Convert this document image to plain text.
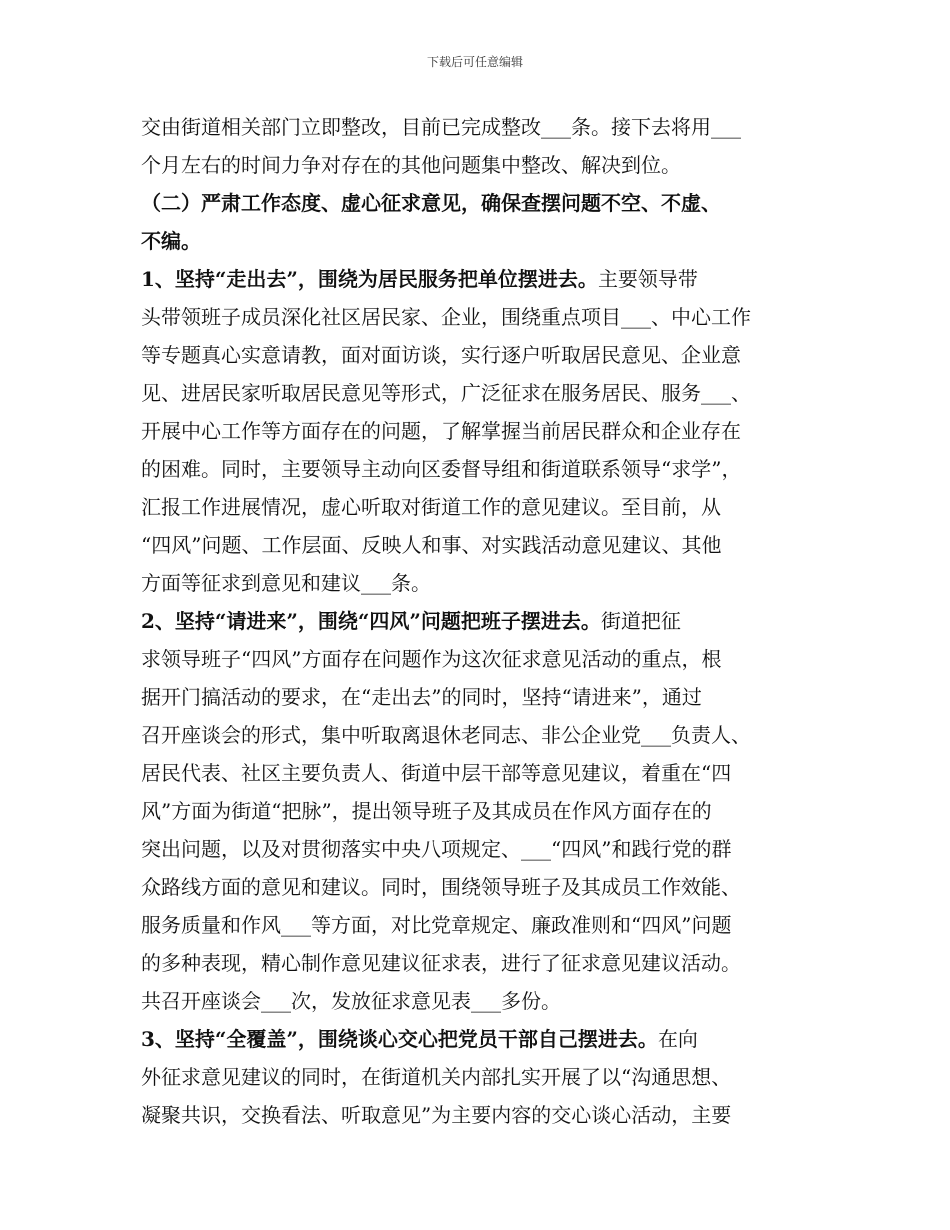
下载后可任意编辑
交由街道相关部门立即整改，目前已完成整改___条。接下去将用___
个月左右的时间力争对存在的其他问题集中整改、解决到位。
（二）严肃工作态度、虚心征求意见，确保查摆问题不空、不虚、
不编。
1、坚持“走出去”，围绕为居民服务把单位摆进去。主要领导带
头带领班子成员深化社区居民家、企业，围绕重点项目___、中心工作
等专题真心实意请教，面对面访谈，实行逐户听取居民意见、企业意
见、进居民家听取居民意见等形式，广泛征求在服务居民、服务___、
开展中心工作等方面存在的问题，了解掌握当前居民群众和企业存在
的困难。同时，主要领导主动向区委督导组和街道联系领导“求学”，
汇报工作进展情况，虚心听取对街道工作的意见建议。至目前，从
“四风”问题、工作层面、反映人和事、对实践活动意见建议、其他
方面等征求到意见和建议___条。
2、坚持“请进来”，围绕“四风”问题把班子摆进去。街道把征
求领导班子“四风”方面存在问题作为这次征求意见活动的重点，根
据开门搞活动的要求，在“走出去”的同时，坚持“请进来”，通过
召开座谈会的形式，集中听取离退休老同志、非公企业党___负责人、
居民代表、社区主要负责人、街道中层干部等意见建议，着重在“四
风”方面为街道“把脉”，提出领导班子及其成员在作风方面存在的
突出问题，以及对贯彻落实中央八项规定、___“四风”和践行党的群
众路线方面的意见和建议。同时，围绕领导班子及其成员工作效能、
服务质量和作风___等方面，对比党章规定、廉政准则和“四风”问题
的多种表现，精心制作意见建议征求表，进行了征求意见建议活动。
共召开座谈会___次，发放征求意见表___多份。
3、坚持“全覆盖”，围绕谈心交心把党员干部自己摆进去。在向
外征求意见建议的同时，在街道机关内部扎实开展了以“沟通思想、
凝聚共识，交换看法、听取意见”为主要内容的交心谈心活动，主要
